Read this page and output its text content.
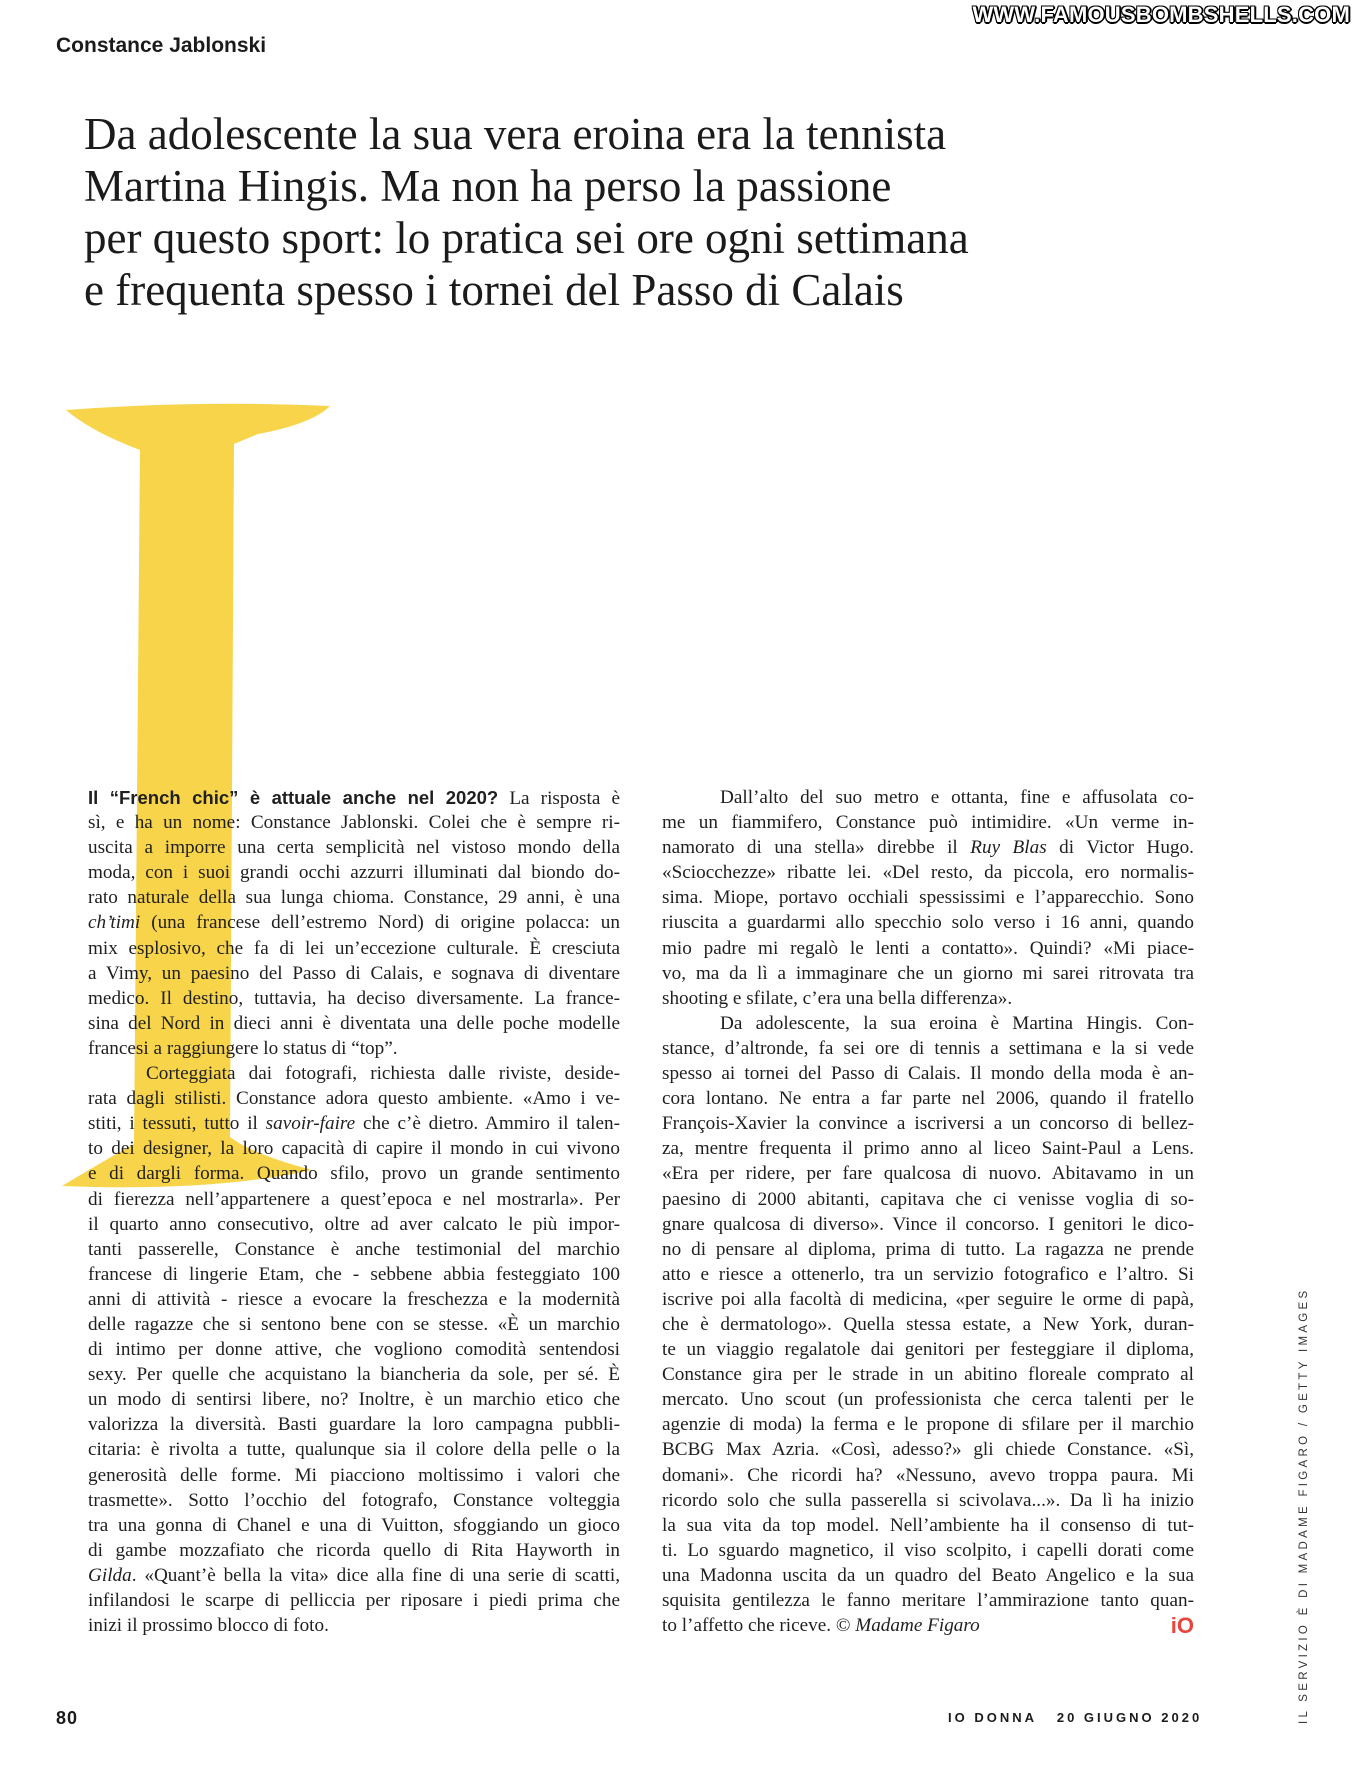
WWW.FAMOUSBOMBSHELLS.COM
Constance Jablonski
Da adolescente la sua vera eroina era la tennista
Martina Hingis. Ma non ha perso la passione
per questo sport: lo pratica sei ore ogni settimana
e frequenta spesso i tornei del Passo di Calais
Il “French chic” è attuale anche nel 2020? La risposta è
sì, e ha un nome: Constance Jablonski. Colei che è sempre ri-
uscita a imporre una certa semplicità nel vistoso mondo della
moda, con i suoi grandi occhi azzurri illuminati dal biondo do-
rato naturale della sua lunga chioma. Constance, 29 anni, è una
ch’timi (una francese dell’estremo Nord) di origine polacca: un
mix esplosivo, che fa di lei un’eccezione culturale. È cresciuta
a Vimy, un paesino del Passo di Calais, e sognava di diventare
medico. Il destino, tuttavia, ha deciso diversamente. La france-
sina del Nord in dieci anni è diventata una delle poche modelle
francesi a raggiungere lo status di “top”.
Corteggiata dai fotografi, richiesta dalle riviste, deside-
rata dagli stilisti. Constance adora questo ambiente. «Amo i ve-
stiti, i tessuti, tutto il savoir-faire che c’è dietro. Ammiro il talen-
to dei designer, la loro capacità di capire il mondo in cui vivono
e di dargli forma. Quando sfilo, provo un grande sentimento
di fierezza nell’appartenere a quest’epoca e nel mostrarla». Per
il quarto anno consecutivo, oltre ad aver calcato le più impor-
tanti passerelle, Constance è anche testimonial del marchio
francese di lingerie Etam, che - sebbene abbia festeggiato 100
anni di attività - riesce a evocare la freschezza e la modernità
delle ragazze che si sentono bene con se stesse. «È un marchio
di intimo per donne attive, che vogliono comodità sentendosi
sexy. Per quelle che acquistano la biancheria da sole, per sé. È
un modo di sentirsi libere, no? Inoltre, è un marchio etico che
valorizza la diversità. Basti guardare la loro campagna pubbli-
citaria: è rivolta a tutte, qualunque sia il colore della pelle o la
generosità delle forme. Mi piacciono moltissimo i valori che
trasmette». Sotto l’occhio del fotografo, Constance volteggia
tra una gonna di Chanel e una di Vuitton, sfoggiando un gioco
di gambe mozzafiato che ricorda quello di Rita Hayworth in
Gilda. «Quant’è bella la vita» dice alla fine di una serie di scatti,
infilandosi le scarpe di pelliccia per riposare i piedi prima che
inizi il prossimo blocco di foto.
Dall’alto del suo metro e ottanta, fine e affusolata co-
me un fiammifero, Constance può intimidire. «Un verme in-
namorato di una stella» direbbe il Ruy Blas di Victor Hugo.
«Sciocchezze» ribatte lei. «Del resto, da piccola, ero normalis-
sima. Miope, portavo occhiali spessissimi e l’apparecchio. Sono
riuscita a guardarmi allo specchio solo verso i 16 anni, quando
mio padre mi regalò le lenti a contatto». Quindi? «Mi piace-
vo, ma da lì a immaginare che un giorno mi sarei ritrovata tra
shooting e sfilate, c’era una bella differenza».
Da adolescente, la sua eroina è Martina Hingis. Con-
stance, d’altronde, fa sei ore di tennis a settimana e la si vede
spesso ai tornei del Passo di Calais. Il mondo della moda è an-
cora lontano. Ne entra a far parte nel 2006, quando il fratello
François-Xavier la convince a iscriversi a un concorso di bellez-
za, mentre frequenta il primo anno al liceo Saint-Paul a Lens.
«Era per ridere, per fare qualcosa di nuovo. Abitavamo in un
paesino di 2000 abitanti, capitava che ci venisse voglia di so-
gnare qualcosa di diverso». Vince il concorso. I genitori le dico-
no di pensare al diploma, prima di tutto. La ragazza ne prende
atto e riesce a ottenerlo, tra un servizio fotografico e l’altro. Si
iscrive poi alla facoltà di medicina, «per seguire le orme di papà,
che è dermatologo». Quella stessa estate, a New York, duran-
te un viaggio regalatole dai genitori per festeggiare il diploma,
Constance gira per le strade in un abitino floreale comprato al
mercato. Uno scout (un professionista che cerca talenti per le
agenzie di moda) la ferma e le propone di sfilare per il marchio
BCBG Max Azria. «Così, adesso?» gli chiede Constance. «Sì,
domani». Che ricordi ha? «Nessuno, avevo troppa paura. Mi
ricordo solo che sulla passerella si scivolava...». Da lì ha inizio
la sua vita da top model. Nell’ambiente ha il consenso di tut-
ti. Lo sguardo magnetico, il viso scolpito, i capelli dorati come
una Madonna uscita da un quadro del Beato Angelico e la sua
squisita gentilezza le fanno meritare l’ammirazione tanto quan-
to l’affetto che riceve. © Madame Figaro	iO
80	IO DONNA 20 GIUGNO 2020	IL SERVIZIO È DI MADAME FIGARO / GETTY IMAGES
